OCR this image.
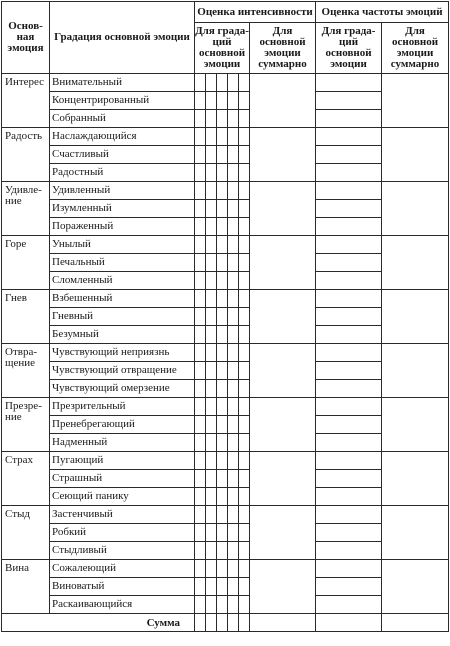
Основ-ная эмоция	Градация основной эмоции	Оценка интенсивности						Оценка частоты эмоций	
		Для града-ций основной эмоции					Для основной эмоции суммарно	Для града-ций основной эмоции	Для основной эмоции суммарно
Интерес	Внимательный								
	Концентрированный								
	Собранный								
Радость	Наслаждающийся								
	Счастливый								
	Радостный								
Удивле-ние	Удивленный								
	Изумленный								
	Пораженный								
Горе	Унылый								
	Печальный								
	Сломленный								
Гнев	Взбешенный								
	Гневный								
	Безумный								
Отвра-щение	Чувствующий неприязнь								
	Чувствующий отвращение								
	Чувствующий омерзение								
Презре-ние	Презрительный								
	Пренебрегающий								
	Надменный								
Страх	Пугающий								
	Страшный								
	Сеющий панику								
Стыд	Застенчивый								
	Робкий								
	Стыдливый								
Вина	Сожалеющий								
	Виноватый								
	Раскаивающийся								
Сумма									
